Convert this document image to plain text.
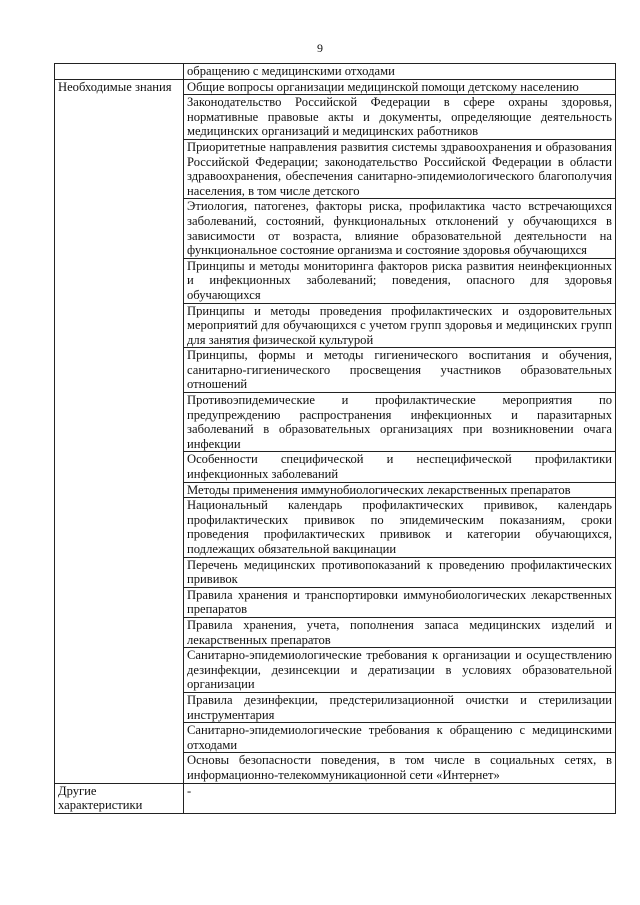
9
	обращению с медицинскими отходами
Необходимые знания	Общие вопросы организации медицинской помощи детскому населению
	Законодательство Российской Федерации в сфере охраны здоровья, нормативные правовые акты и документы, определяющие деятельность медицинских организаций и медицинских работников
	Приоритетные направления развития системы здравоохранения и образования Российской Федерации; законодательство Российской Федерации в области здравоохранения, обеспечения санитарно-эпидемиологического благополучия населения, в том числе детского
	Этиология, патогенез, факторы риска, профилактика часто встречающихся заболеваний, состояний, функциональных отклонений у обучающихся в зависимости от возраста, влияние образовательной деятельности на функциональное состояние организма и состояние здоровья обучающихся
	Принципы и методы мониторинга факторов риска развития неинфекционных и инфекционных заболеваний; поведения, опасного для здоровья обучающихся
	Принципы и методы проведения профилактических и оздоровительных мероприятий для обучающихся с учетом групп здоровья и медицинских групп для занятия физической культурой
	Принципы, формы и методы гигиенического воспитания и обучения, санитарно-гигиенического просвещения участников образовательных отношений
	Противоэпидемические и профилактические мероприятия по предупреждению распространения инфекционных и паразитарных заболеваний в образовательных организациях при возникновении очага инфекции
	Особенности специфической и неспецифической профилактики инфекционных заболеваний
	Методы применения иммунобиологических лекарственных препаратов
	Национальный календарь профилактических прививок, календарь профилактических прививок по эпидемическим показаниям, сроки проведения профилактических прививок и категории обучающихся, подлежащих обязательной вакцинации
	Перечень медицинских противопоказаний к проведению профилактических прививок
	Правила хранения и транспортировки иммунобиологических лекарственных препаратов
	Правила хранения, учета, пополнения запаса медицинских изделий и лекарственных препаратов
	Санитарно-эпидемиологические требования к организации и осуществлению дезинфекции, дезинсекции и дератизации в условиях образовательной организации
	Правила дезинфекции, предстерилизационной очистки и стерилизации инструментария
	Санитарно-эпидемиологические требования к обращению с медицинскими отходами
	Основы безопасности поведения, в том числе в социальных сетях, в информационно-телекоммуникационной сети «Интернет»
Другие характеристики	-
